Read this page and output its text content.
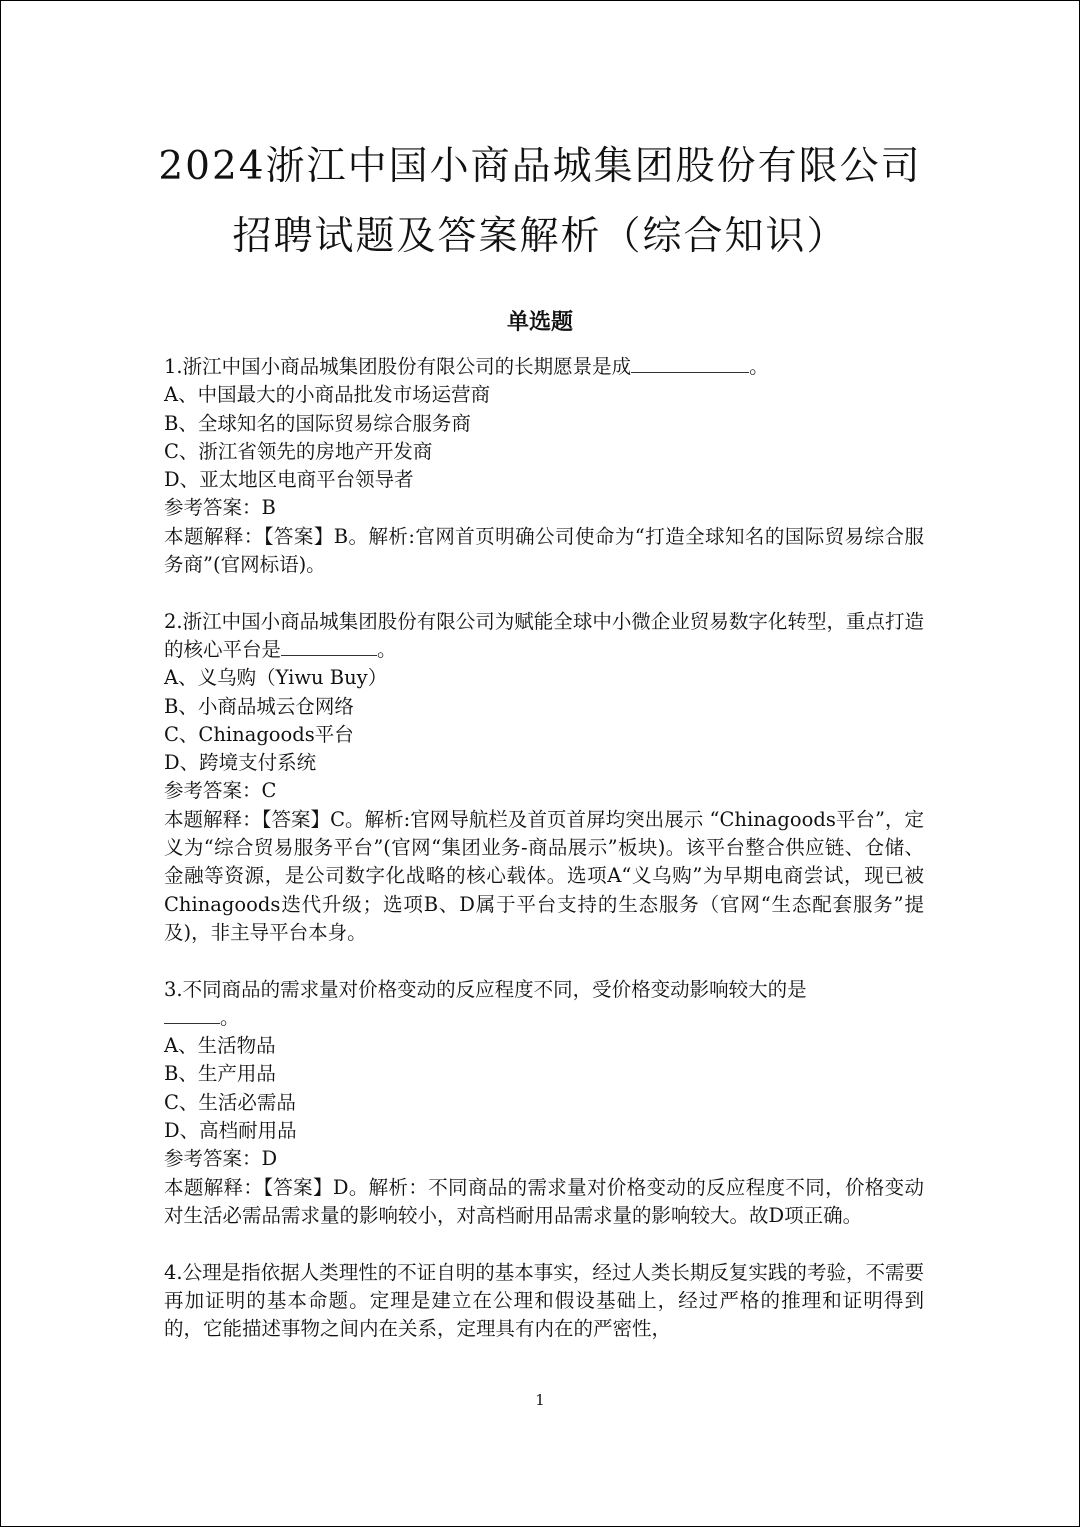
2024浙江中国小商品城集团股份有限公司
招聘试题及答案解析（综合知识）
单选题
1.浙江中国小商品城集团股份有限公司的长期愿景是成	。
A、中国最大的小商品批发市场运营商
B、全球知名的国际贸易综合服务商
C、浙江省领先的房地产开发商
D、亚太地区电商平台领导者
参考答案：B
本题解释：【答案】B。解析:官网首页明确公司使命为“打造全球知名的国际贸易综合服务商”(官网标语)。
2.浙江中国小商品城集团股份有限公司为赋能全球中小微企业贸易数字化转型，重点打造的核心平台是	。
A、义乌购（Yiwu Buy）
B、小商品城云仓网络
C、Chinagoods平台
D、跨境支付系统
参考答案：C
本题解释：【答案】C。解析:官网导航栏及首页首屏均突出展示 “Chinagoods平台”，定义为“综合贸易服务平台”(官网“集团业务-商品展示”板块)。该平台整合供应链、仓储、金融等资源，是公司数字化战略的核心载体。选项A“义乌购”为早期电商尝试，现已被Chinagoods迭代升级；选项B、D属于平台支持的生态服务（官网“生态配套服务”提及)，非主导平台本身。
3.不同商品的需求量对价格变动的反应程度不同，受价格变动影响较大的是
。
A、生活物品
B、生产用品
C、生活必需品
D、高档耐用品
参考答案：D
本题解释：【答案】D。解析：不同商品的需求量对价格变动的反应程度不同，价格变动对生活必需品需求量的影响较小，对高档耐用品需求量的影响较大。故D项正确。
4.公理是指依据人类理性的不证自明的基本事实，经过人类长期反复实践的考验，不需要再加证明的基本命题。定理是建立在公理和假设基础上，经过严格的推理和证明得到的，它能描述事物之间内在关系，定理具有内在的严密性，
1
